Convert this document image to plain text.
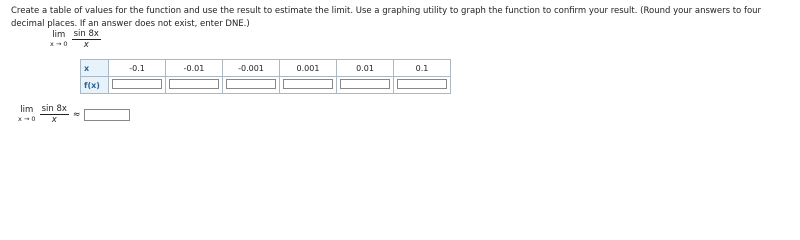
Create a table of values for the function and use the result to estimate the limit. Use a graphing utility to graph the function to confirm your result. (Round your answers to four decimal places. If an answer does not exist, enter DNE.)
lim
$x \to 0 \frac{\sin 8x}{x}$
x	-0.1	-0.01	-0.001	0.001	0.01	0.1
f(x)						
lim
$x \to 0 \frac{\sin 8x}{x}$ ≈
